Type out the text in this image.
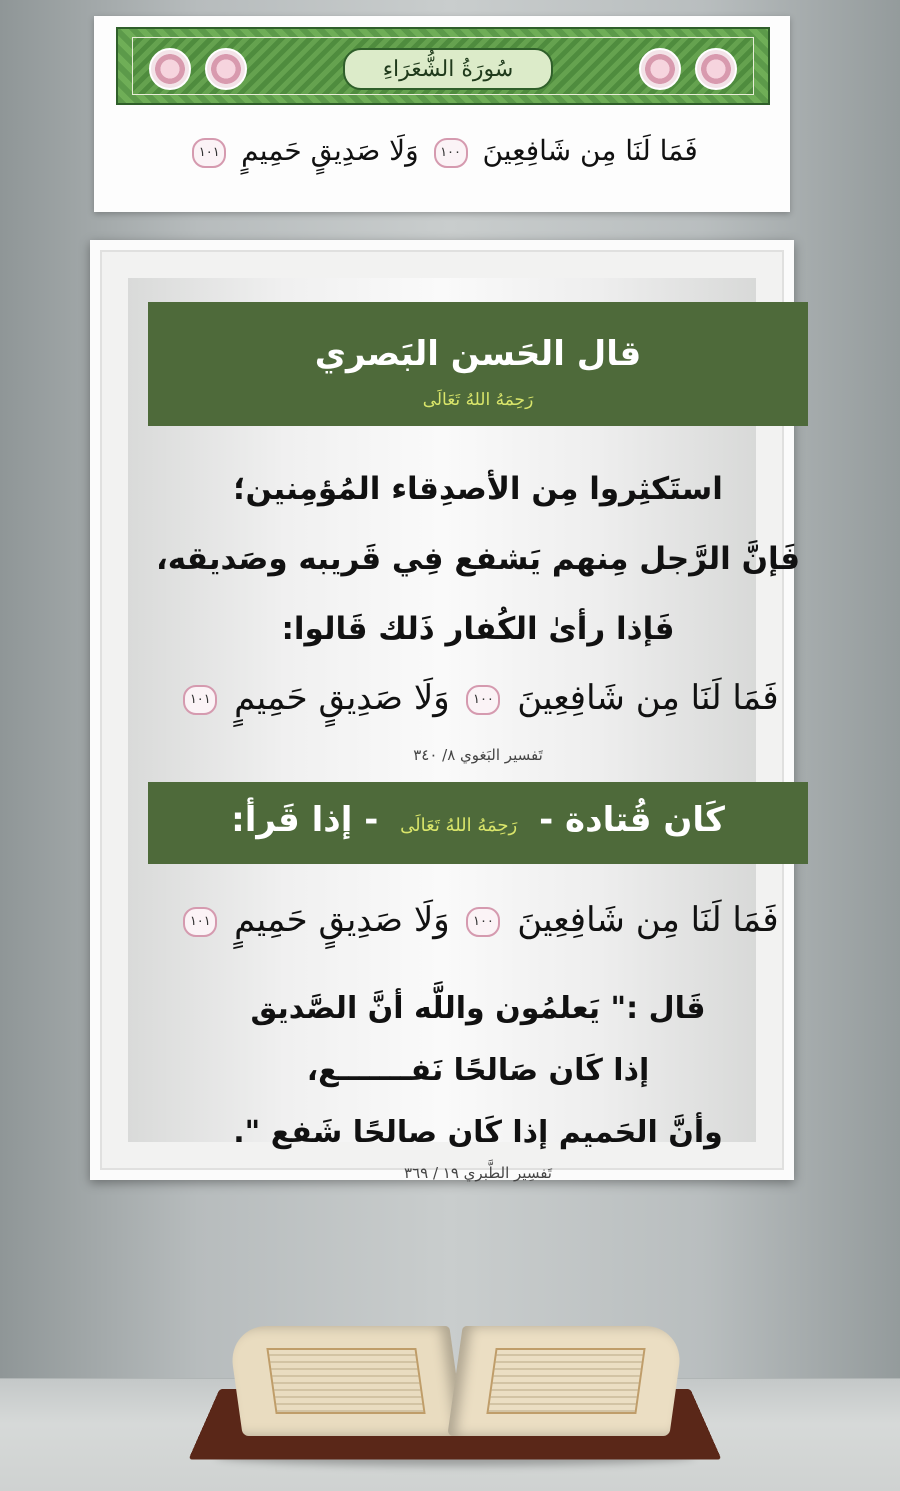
سُورَةُ الشُّعَرَاءِ
فَمَا لَنَا مِن شَافِعِينَ ١٠٠ وَلَا صَدِيقٍ حَمِيمٍ ١٠١
قال الحَسن البَصري
رَحِمَهُ اللهُ تَعَالَى
استَكثِروا مِن الأصدِقاء المُؤمِنين؛
فَإنَّ الرَّجل مِنهم يَشفع فِي قَريبه وصَديقه،
فَإذا رأىٰ الكُفار ذَلك قَالوا:
فَمَا لَنَا مِن شَافِعِينَ ١٠٠ وَلَا صَدِيقٍ حَمِيمٍ ١٠١
تَفسير البَغوي ٨/ ٣٤٠
كَان قُتادة - رَحِمَهُ اللهُ تَعَالَى - إذا قَرأ:
فَمَا لَنَا مِن شَافِعِينَ ١٠٠ وَلَا صَدِيقٍ حَمِيمٍ ١٠١
قَال :" يَعلمُون واللَّه أنَّ الصَّديق
إذا كَان صَالحًا نَفـــــــع،
وأنَّ الحَميم إذا كَان صالحًا شَفع ".
تَفسِير الطَّبري ١٩ / ٣٦٩
